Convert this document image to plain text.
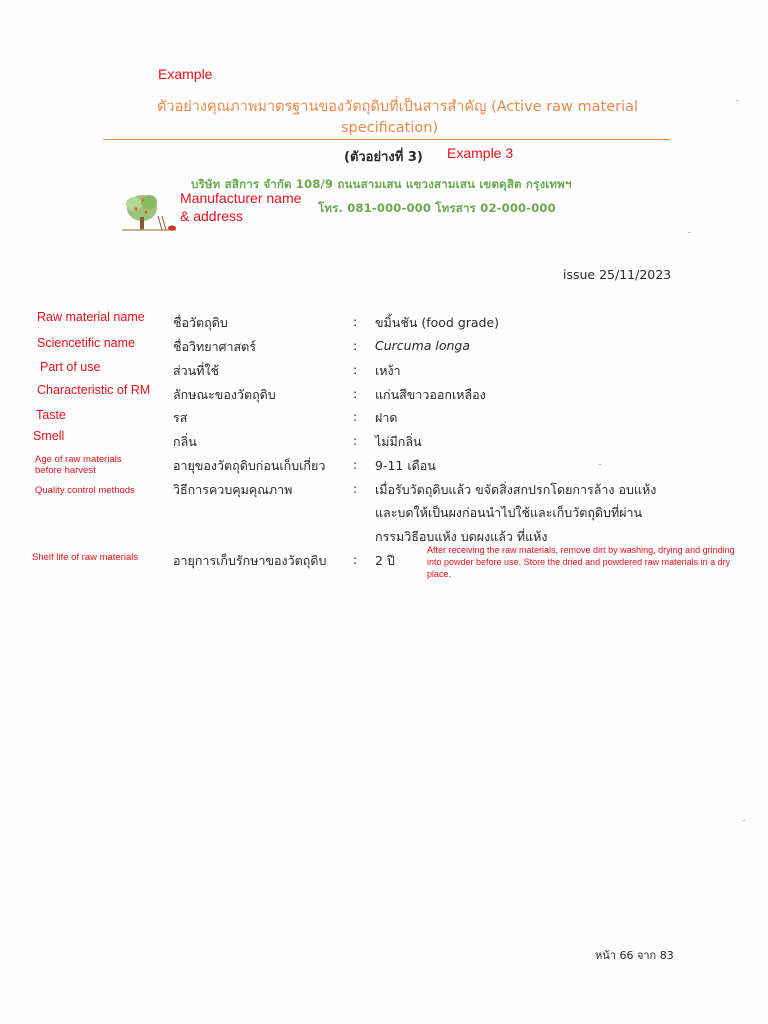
Example
ตัวอย่างคุณภาพมาตรฐานของวัตถุดิบที่เป็นสารสำคัญ (Active raw material
specification)
(ตัวอย่างที่ 3) Example 3
บริษัท สสิการ จำกัด 108/9 ถนนสามเสน แขวงสามเสน เขตดุสิต กรุงเทพฯ
โทร. 081-000-000 โทรสาร 02-000-000
Manufacturer name
& address
issue 25/11/2023
Raw material name ชื่อวัตถุดิบ	: ขมิ้นชัน (food grade)
Sciencetific name	ชื่อวิทยาศาสตร์	: Curcuma longa
Part of use	ส่วนที่ใช้	: เหง้า
Characteristic of RM ลักษณะของวัตถุดิบ	: แก่นสีขาวออกเหลือง
Taste	รส	: ฝาด
Smell	กลิ่น	: ไม่มีกลิ่น
Age of raw materials
before harvest	อายุของวัตถุดิบก่อนเก็บเกี่ยว : 9-11 เดือน
Quality control methods	วิธีการควบคุมคุณภาพ	: เมื่อรับวัตถุดิบแล้ว ขจัดสิ่งสกปรกโดยการล้าง อบแห้ง
และบดให้เป็นผงก่อนนำไปใช้และเก็บวัตถุดิบที่ผ่าน
กรรมวิธีอบแห้ง บดผงแล้ว ที่แห้ง
Shelf life of raw materials	อายุการเก็บรักษาของวัตถุดิบ : 2 ปี
After receiving the raw materials, remove dirt by washing, drying and grinding into powder before use. Store the dried and powdered raw materials in a dry place.
หน้า 66 จาก 83
